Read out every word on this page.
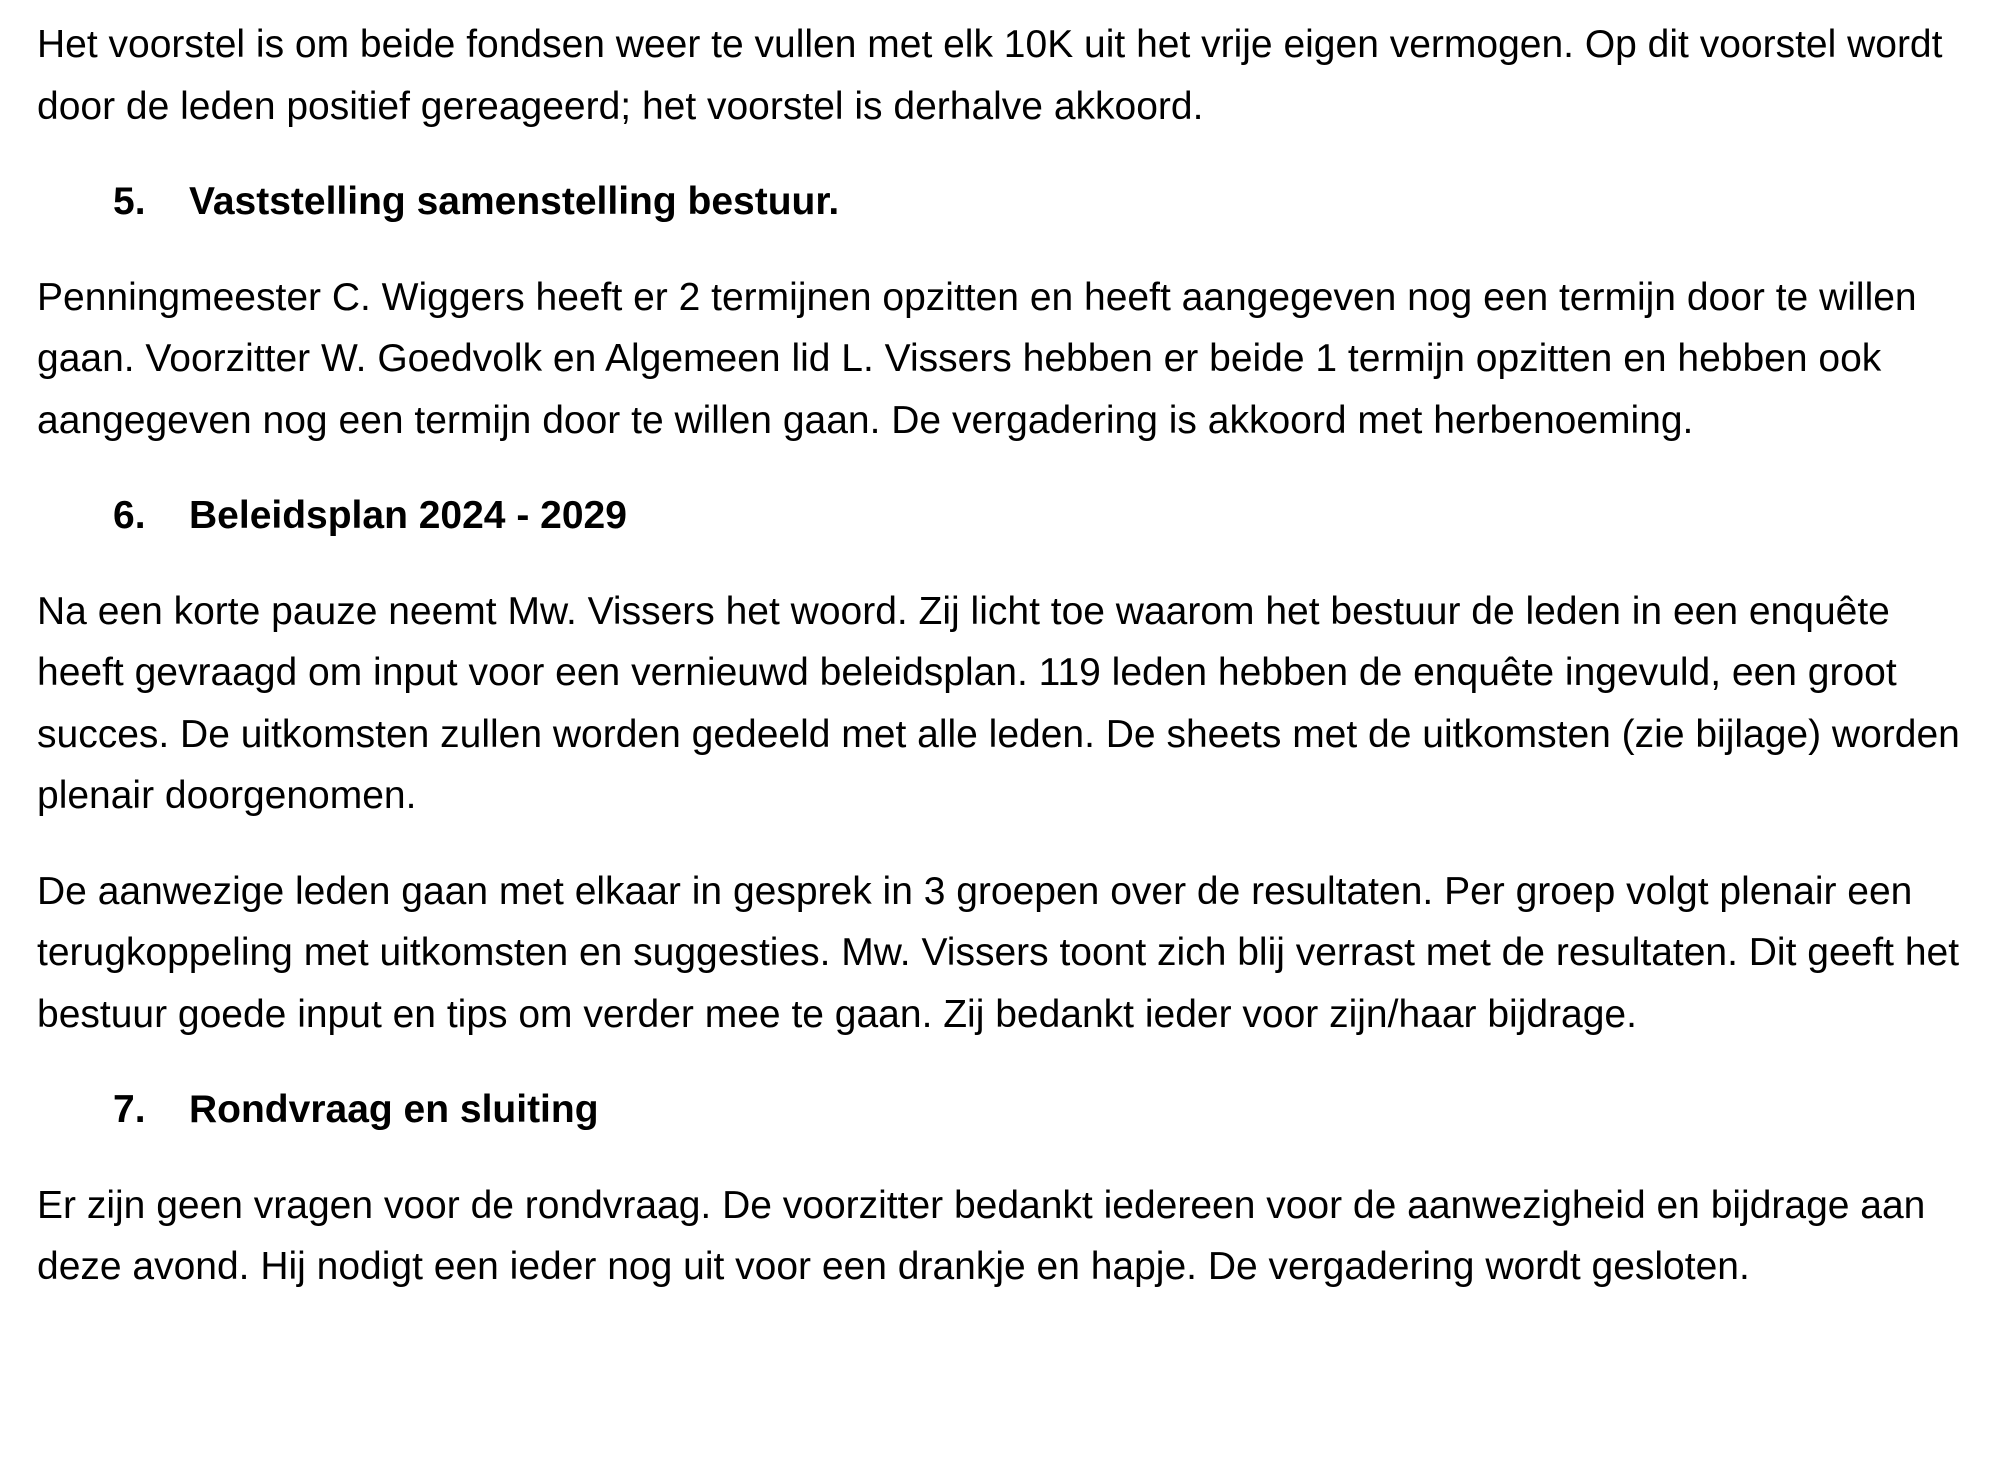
Het voorstel is om beide fondsen weer te vullen met elk 10K uit het vrije eigen vermogen. Op dit voorstel wordt door de leden positief gereageerd; het voorstel is derhalve akkoord.

5. Vaststelling samenstelling bestuur.

Penningmeester C. Wiggers heeft er 2 termijnen opzitten en heeft aangegeven nog een termijn door te willen gaan. Voorzitter W. Goedvolk en Algemeen lid L. Vissers hebben er beide 1 termijn opzitten en hebben ook aangegeven nog een termijn door te willen gaan. De vergadering is akkoord met herbenoeming.

6. Beleidsplan 2024 - 2029

Na een korte pauze neemt Mw. Vissers het woord. Zij licht toe waarom het bestuur de leden in een enquête heeft gevraagd om input voor een vernieuwd beleidsplan. 119 leden hebben de enquête ingevuld, een groot succes. De uitkomsten zullen worden gedeeld met alle leden. De sheets met de uitkomsten (zie bijlage) worden plenair doorgenomen.

De aanwezige leden gaan met elkaar in gesprek in 3 groepen over de resultaten. Per groep volgt plenair een terugkoppeling met uitkomsten en suggesties. Mw. Vissers toont zich blij verrast met de resultaten. Dit geeft het bestuur goede input en tips om verder mee te gaan. Zij bedankt ieder voor zijn/haar bijdrage.

7. Rondvraag en sluiting

Er zijn geen vragen voor de rondvraag. De voorzitter bedankt iedereen voor de aanwezigheid en bijdrage aan deze avond. Hij nodigt een ieder nog uit voor een drankje en hapje. De vergadering wordt gesloten.
